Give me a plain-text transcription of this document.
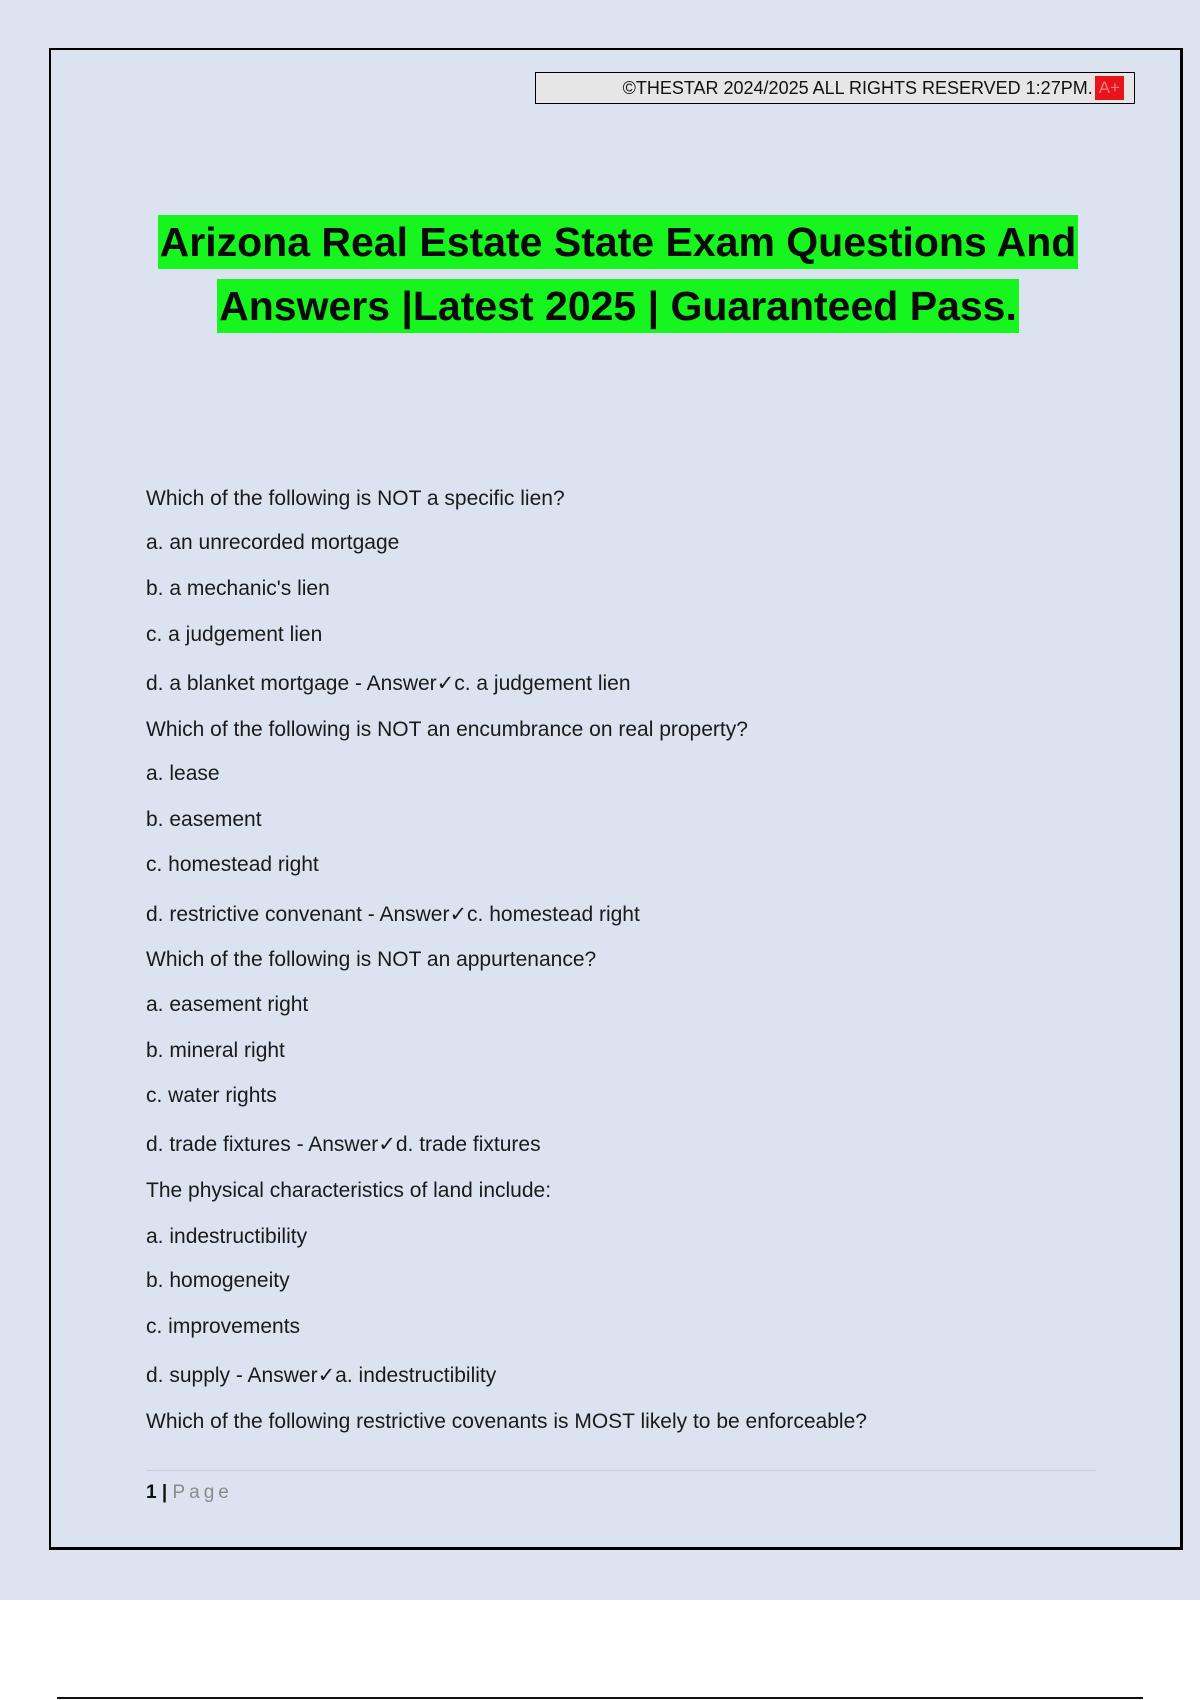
©THESTAR 2024/2025 ALL RIGHTS RESERVED 1:27PM. A+
Arizona Real Estate State Exam Questions And
Answers |Latest 2025 | Guaranteed Pass.
Which of the following is NOT a specific lien?
a. an unrecorded mortgage
b. a mechanic's lien
c. a judgement lien
d. a blanket mortgage - Answer✓c. a judgement lien
Which of the following is NOT an encumbrance on real property?
a. lease
b. easement
c. homestead right
d. restrictive convenant - Answer✓c. homestead right
Which of the following is NOT an appurtenance?
a. easement right
b. mineral right
c. water rights
d. trade fixtures - Answer✓d. trade fixtures
The physical characteristics of land include:
a. indestructibility
b. homogeneity
c. improvements
d. supply - Answer✓a. indestructibility
Which of the following restrictive covenants is MOST likely to be enforceable?
1 | Page
